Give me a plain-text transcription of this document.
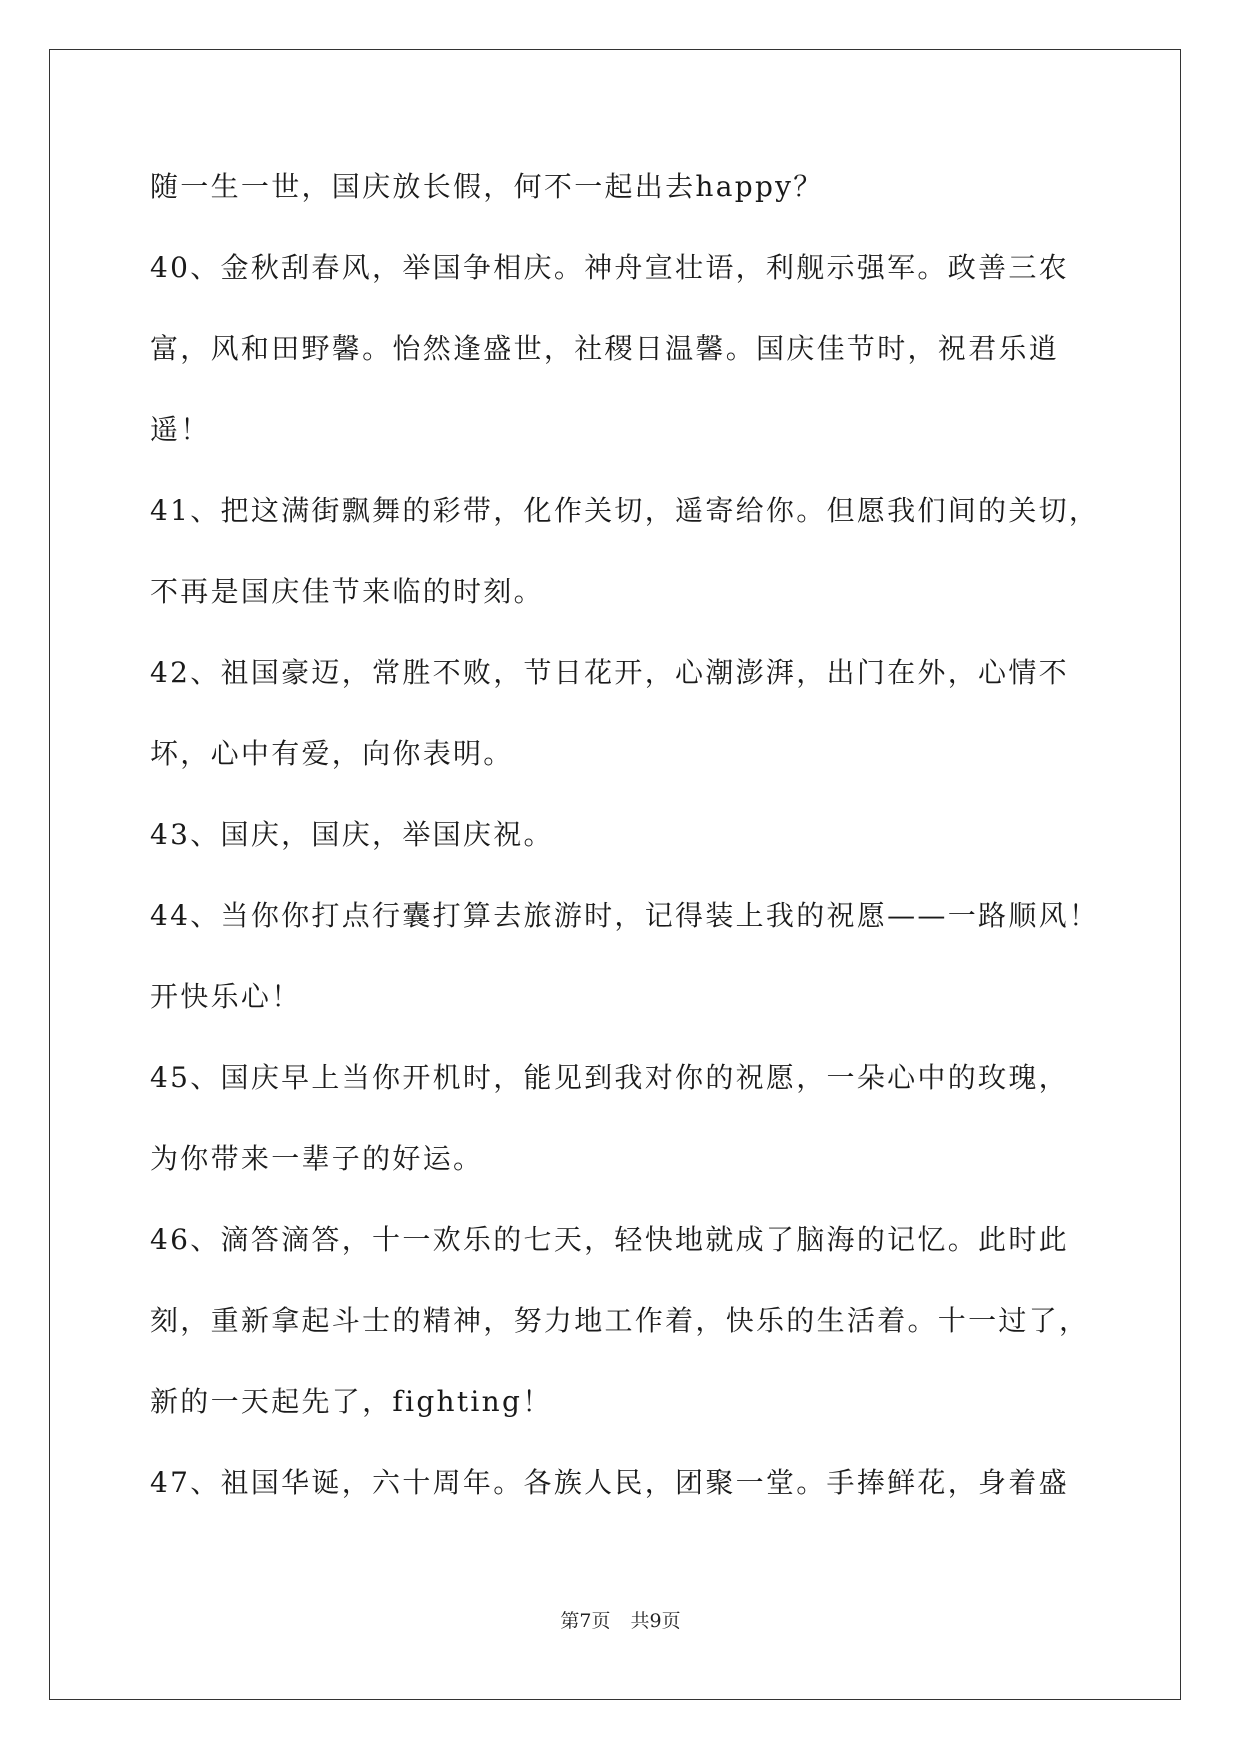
随一生一世，国庆放长假，何不一起出去happy？
40、金秋刮春风，举国争相庆。神舟宣壮语，利舰示强军。政善三农
富，风和田野馨。怡然逢盛世，社稷日温馨。国庆佳节时，祝君乐逍
遥！
41、把这满街飘舞的彩带，化作关切，遥寄给你。但愿我们间的关切，
不再是国庆佳节来临的时刻。
42、祖国豪迈，常胜不败，节日花开，心潮澎湃，出门在外，心情不
坏，心中有爱，向你表明。
43、国庆，国庆，举国庆祝。
44、当你你打点行囊打算去旅游时，记得装上我的祝愿——一路顺风！
开快乐心！
45、国庆早上当你开机时，能见到我对你的祝愿，一朵心中的玫瑰，
为你带来一辈子的好运。
46、滴答滴答，十一欢乐的七天，轻快地就成了脑海的记忆。此时此
刻，重新拿起斗士的精神，努力地工作着，快乐的生活着。十一过了，
新的一天起先了，fighting！
47、祖国华诞，六十周年。各族人民，团聚一堂。手捧鲜花，身着盛
第7页 共9页
